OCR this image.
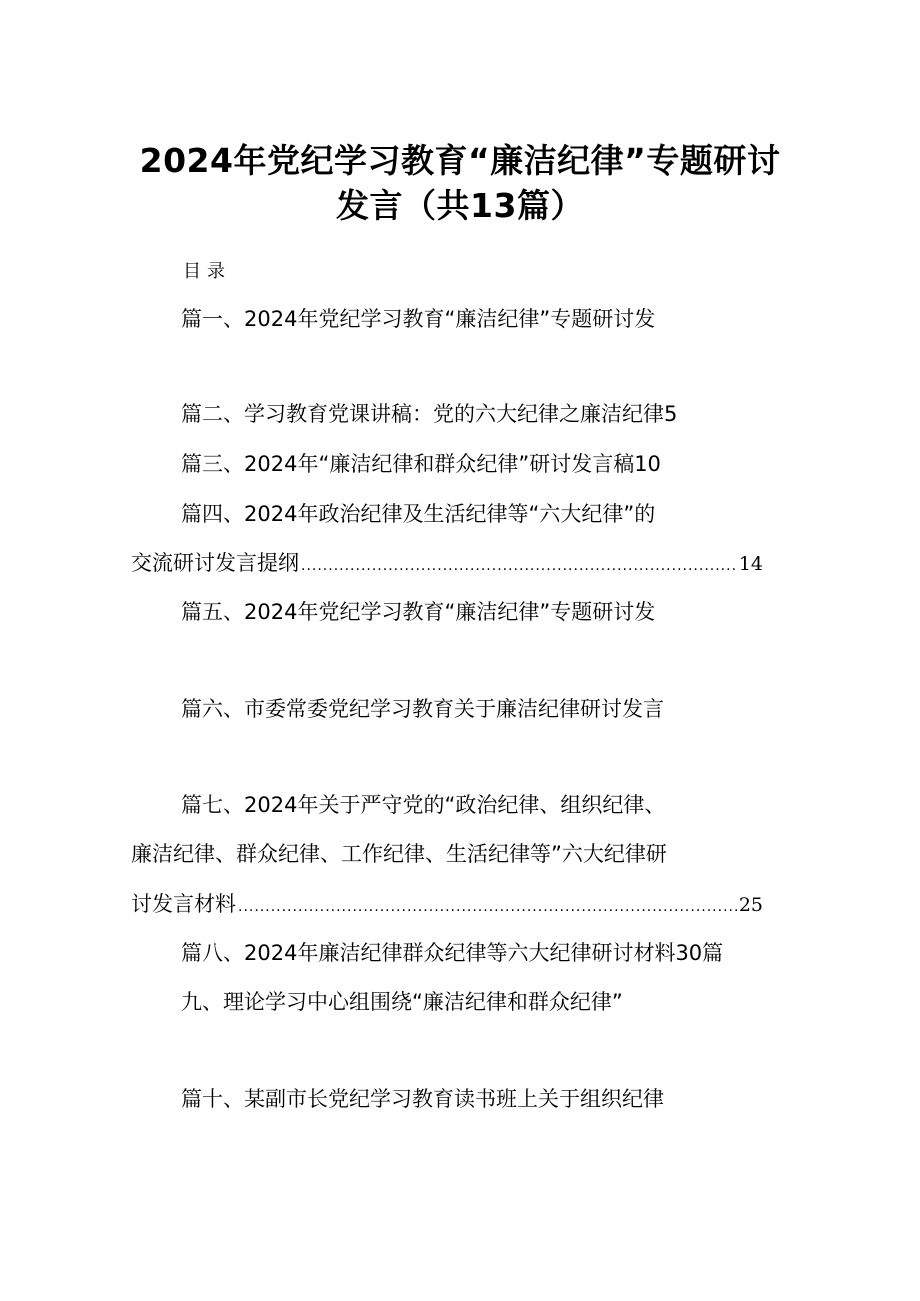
2024年党纪学习教育“廉洁纪律”专题研讨
发言（共13篇）
目录
篇一、2024年党纪学习教育“廉洁纪律”专题研讨发
篇二、学习教育党课讲稿：党的六大纪律之廉洁纪律5
篇三、2024年“廉洁纪律和群众纪律”研讨发言稿10
篇四、2024年政治纪律及生活纪律等“六大纪律”的
交流研讨发言提纲 .....	14
篇五、2024年党纪学习教育“廉洁纪律”专题研讨发
篇六、市委常委党纪学习教育关于廉洁纪律研讨发言
篇七、2024年关于严守党的“政治纪律、组织纪律、
廉洁纪律、群众纪律、工作纪律、生活纪律等”六大纪律研
讨发言材料 .....	25
篇八、2024年廉洁纪律群众纪律等六大纪律研讨材料30篇
九、理论学习中心组围绕“廉洁纪律和群众纪律”
篇十、某副市长党纪学习教育读书班上关于组织纪律
